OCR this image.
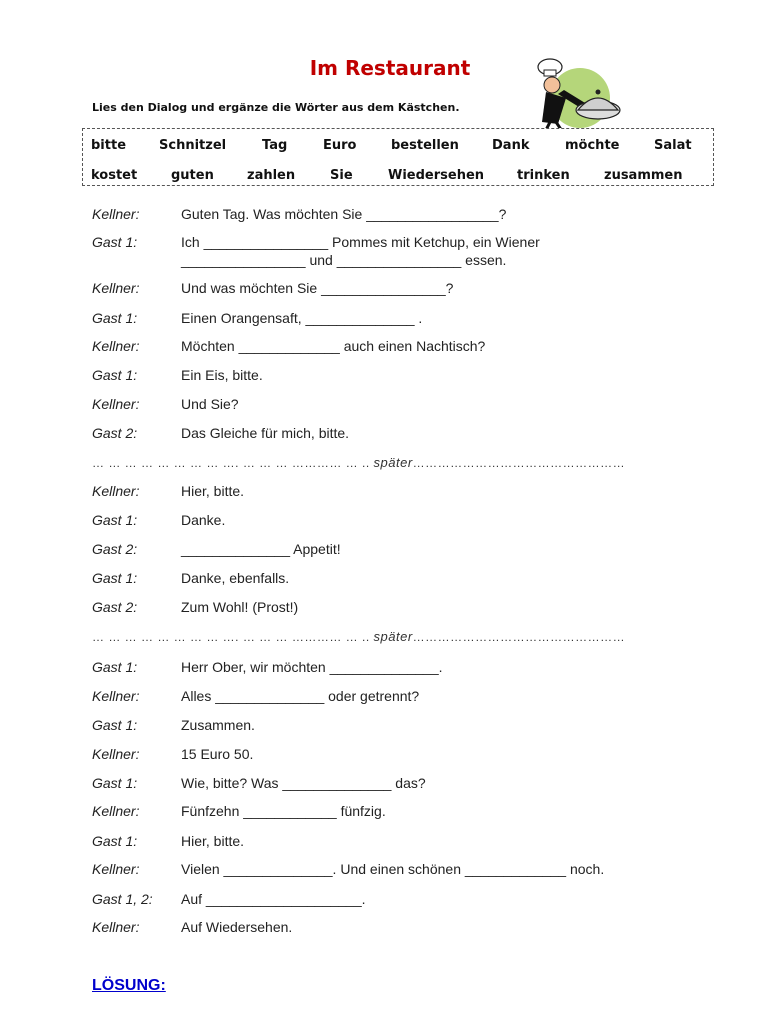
Im Restaurant
Lies den Dialog und ergänze die Wörter aus dem Kästchen.
bitte	Schnitzel	Tag	Euro	bestellen	Dank	möchte	Salat
kostet	guten	zahlen	Sie	Wiedersehen	trinken	zusammen
Kellner:	Guten Tag. Was möchten Sie _________________?
Gast 1:	Ich ________________ Pommes mit Ketchup, ein Wiener
________________ und ________________ essen.
Kellner:	Und was möchten Sie ________________?
Gast 1:	Einen Orangensaft, ______________ .
Kellner:	Möchten _____________ auch einen Nachtisch?
Gast 1:	Ein Eis, bitte.
Kellner:	Und Sie?
Gast 2:	Das Gleiche für mich, bitte.
… … … … … … … … …. … … … ………… … .. später……………………………………………
Kellner:	Hier, bitte.
Gast 1:	Danke.
Gast 2:	______________ Appetit!
Gast 1:	Danke, ebenfalls.
Gast 2:	Zum Wohl! (Prost!)
… … … … … … … … …. … … … ………… … .. später……………………………………………
Gast 1:	Herr Ober, wir möchten ______________.
Kellner:	Alles ______________ oder getrennt?
Gast 1:	Zusammen.
Kellner:	15 Euro 50.
Gast 1:	Wie, bitte? Was ______________ das?
Kellner:	Fünfzehn ____________ fünfzig.
Gast 1:	Hier, bitte.
Kellner:	Vielen ______________. Und einen schönen _____________ noch.
Gast 1, 2: Auf ____________________.
Kellner:	Auf Wiedersehen.
LÖSUNG:
